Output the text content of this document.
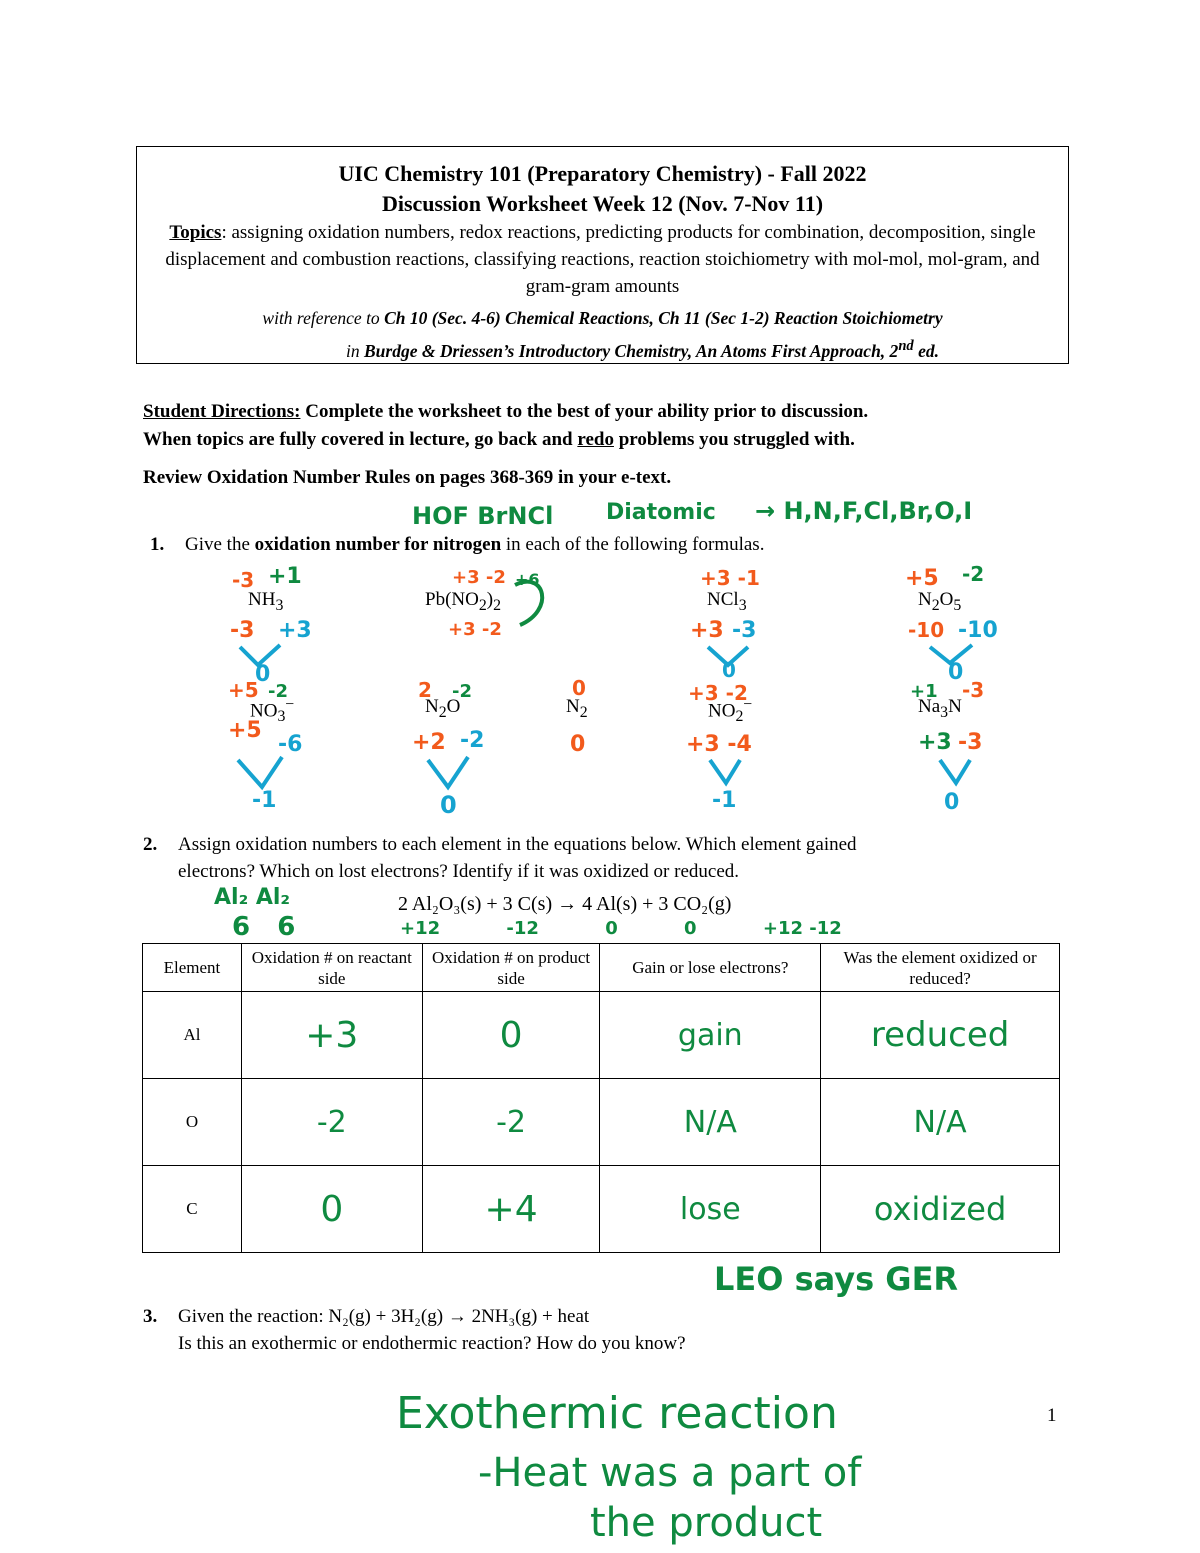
UIC Chemistry 101 (Preparatory Chemistry) - Fall 2022
Discussion Worksheet Week 12 (Nov. 7-Nov 11)
Topics: assigning oxidation numbers, redox reactions, predicting products for combination, decomposition, single displacement and combustion reactions, classifying reactions, reaction stoichiometry with mol-mol, mol-gram, and gram-gram amounts
with reference to Ch 10 (Sec. 4-6) Chemical Reactions, Ch 11 (Sec 1-2) Reaction Stoichiometry
in Burdge & Driessen’s Introductory Chemistry, An Atoms First Approach, 2nd ed.
Student Directions: Complete the worksheet to the best of your ability prior to discussion.
When topics are fully covered in lecture, go back and redo problems you struggled with.
Review Oxidation Number Rules on pages 368-369 in your e-text.
HOF BrNCl Diatomic → H,N,F,Cl,Br,O,I
1. Give the oxidation number for nitrogen in each of the following formulas.
$NH_3$	$Pb(NO_2)_2$	NCl$_3$	$N_2O_5$
$NO_3^-$	$N_2O$	$N_2$	$NO_2^-$	$Na_3N$
-3 +1
-3 +3
0
+3 -2
+3 -2
+6	+3 -1
+3 -3
0
+5 -2
-10 -10
0
+5 -2
+5
-6
-1
2 -2
+2 -2
0
0
0
+3 -2
+3 -4
-1
+1 -3
+3 -3
0
2. Assign oxidation numbers to each element in the equations below. Which element gained
electrons? Which on lost electrons? Identify if it was oxidized or reduced.
Al₂ Al₂
6   6
2 Al₂O₃(s) + 3 C(s) → 4 Al(s) + 3 CO₂(g)
+12	-12	0	0	+12 -12
Element	Oxidation # on reactant side	Oxidation # on product side	Gain or lose electrons?	Was the element oxidized or reduced?
Al	+3	0	gain	reduced
O	-2	-2	N/A	N/A
C	0	+4	lose	oxidized
LEO says GER
3. Given the reaction: N₂(g) + 3H₂(g) → 2NH₃(g) + heat
Is this an exothermic or endothermic reaction? How do you know?
Exothermic reaction
-Heat was a part of
the product
1
